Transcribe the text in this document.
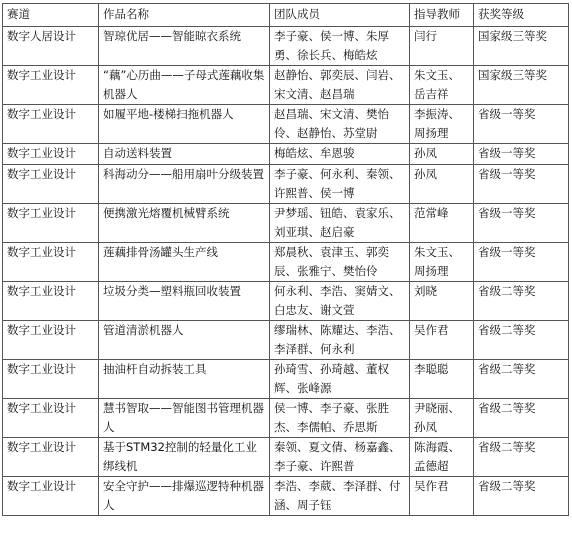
赛道	作品名称	团队成员	指导教师	获奖等级
数字人居设计	智琼优居——智能晾衣系统	李子豪、侯一博、朱厚勇、徐长兵、梅皓炫	闫行	国家级三等奖
数字工业设计	“藕”心历曲——子母式莲藕收集机器人	赵静怡、郭奕辰、闫岩、宋文清、赵昌瑞	朱文玉、岳吉祥	国家级三等奖
数字工业设计	如履平地-楼梯扫拖机器人	赵昌瑞、宋文清、樊怡伶、赵静怡、苏堂尉	李振涛、周扬理	省级一等奖
数字工业设计	自动送料装置	梅皓炫、牟恩骏	孙凤	省级一等奖
数字工业设计	科海动分——船用扇叶分级装置	李子豪、何永利、秦领、许熙普、侯一博	孙凤	省级一等奖
数字工业设计	便携激光熔覆机械臂系统	尹梦瑶、钮皓、袁家乐、刘亚琪、赵启豪	范常峰	省级一等奖
数字工业设计	莲藕排骨汤罐头生产线	郑晨秋、袁津玉、郭奕辰、张雅宁、樊怡伶	朱文玉、周扬理	省级一等奖
数字工业设计	垃圾分类—塑料瓶回收装置	何永利、李浩、窦婧文、白忠友、谢文萱	刘晓	省级二等奖
数字工业设计	管道清淤机器人	缪瑞林、陈耀达、李浩、李泽群、何永利	吴作君	省级二等奖
数字工业设计	抽油杆自动拆装工具	孙琦雪、孙琦越、董权辉、张峰源	李聪聪	省级二等奖
数字工业设计	慧书智取——智能图书管理机器人	侯一博、李子豪、张胜杰、李儒帕、乔思斯	尹晓丽、孙凤	省级二等奖
数字工业设计	基于STM32控制的轻量化工业绑线机	秦领、夏文倩、杨嘉鑫、李子豪、许熙普	陈海霞、孟德超	省级二等奖
数字工业设计	安全守护——排爆巡逻特种机器人	李浩、李葳、李泽群、付涵、周子钰	吴作君	省级二等奖
